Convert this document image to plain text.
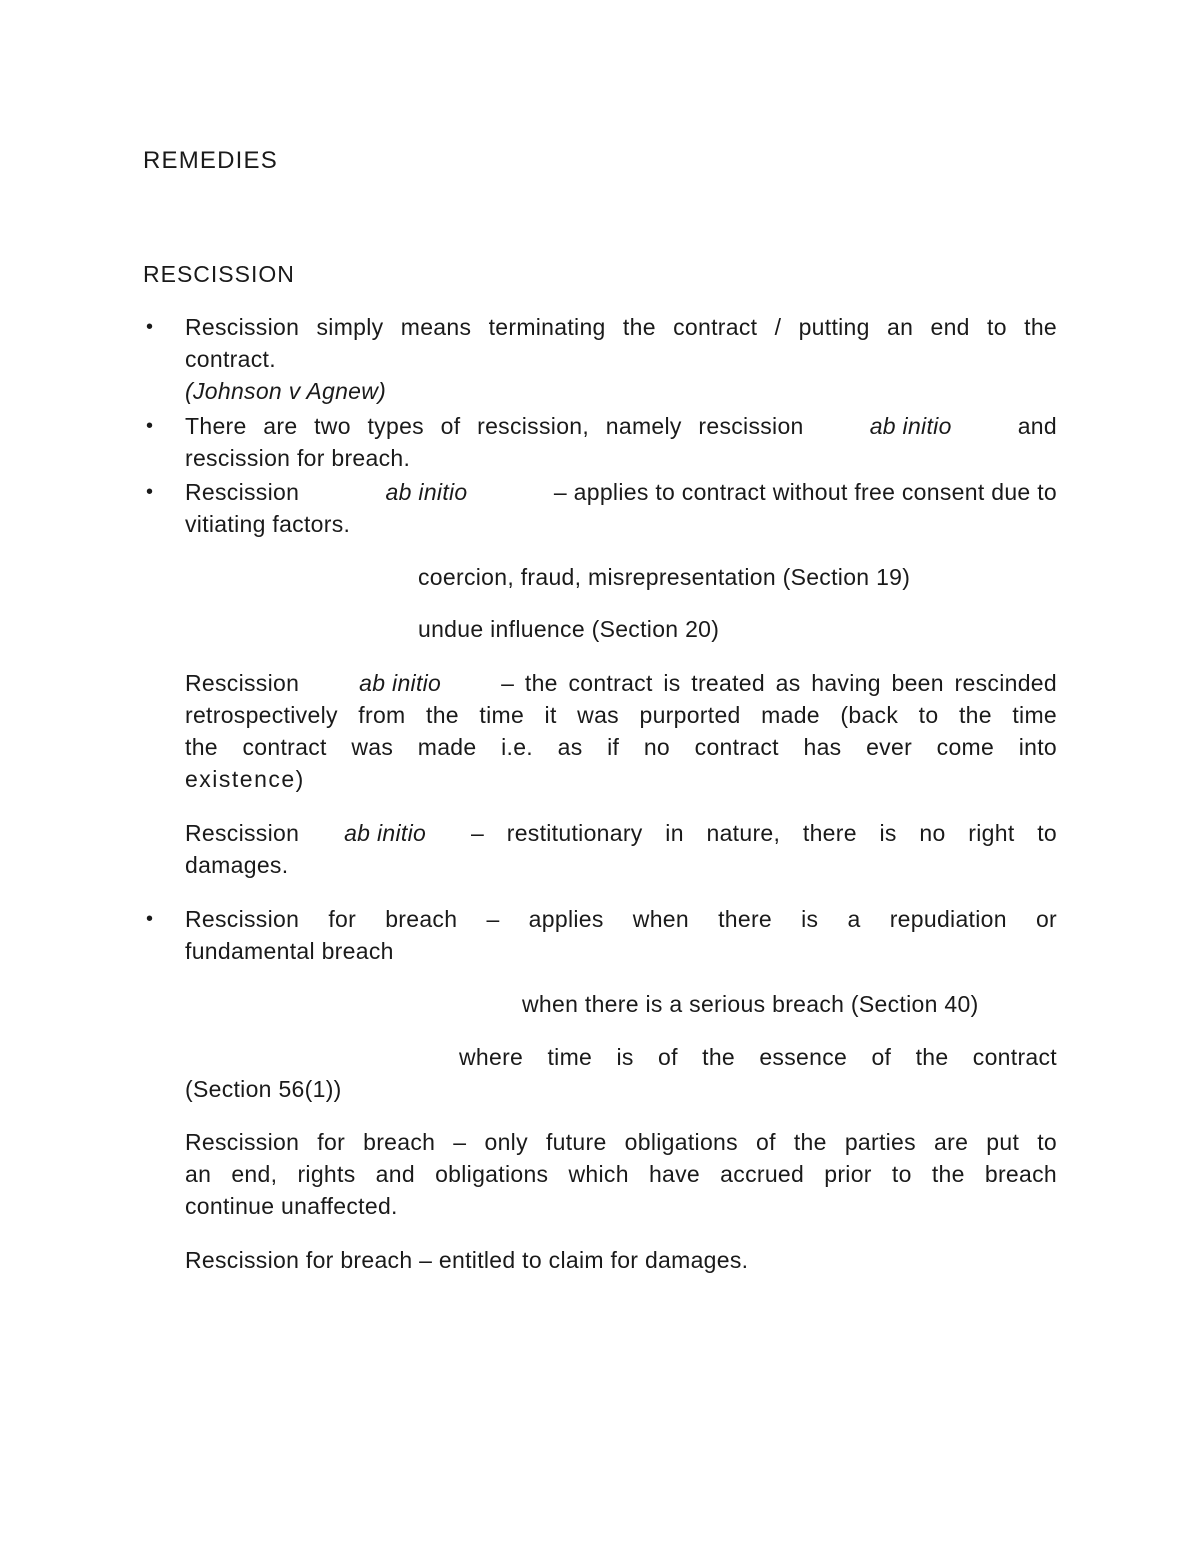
REMEDIES
RESCISSION
• Rescission simply means terminating the contract / putting an end to the
contract.
(Johnson v Agnew)
• There are two types of rescission, namely rescission	ab initio	and
rescission for breach.
• Rescission	ab initio	– applies to contract without free consent due to
vitiating factors.
coercion, fraud, misrepresentation (Section 19)
undue influence (Section 20)
Rescission	ab initio	– the contract is treated as having been rescinded
retrospectively from the time it was purported made (back to the time
the contract was made i.e. as if no contract has ever come into
existence)
Rescission ab initio – restitutionary in nature, there is no right to
damages.
• Rescission for breach – applies when there is a repudiation or
fundamental breach
when there is a serious breach (Section 40)
where time is of the essence of the contract
(Section 56(1))
Rescission for breach – only future obligations of the parties are put to
an end, rights and obligations which have accrued prior to the breach
continue unaffected.
Rescission for breach – entitled to claim for damages.
